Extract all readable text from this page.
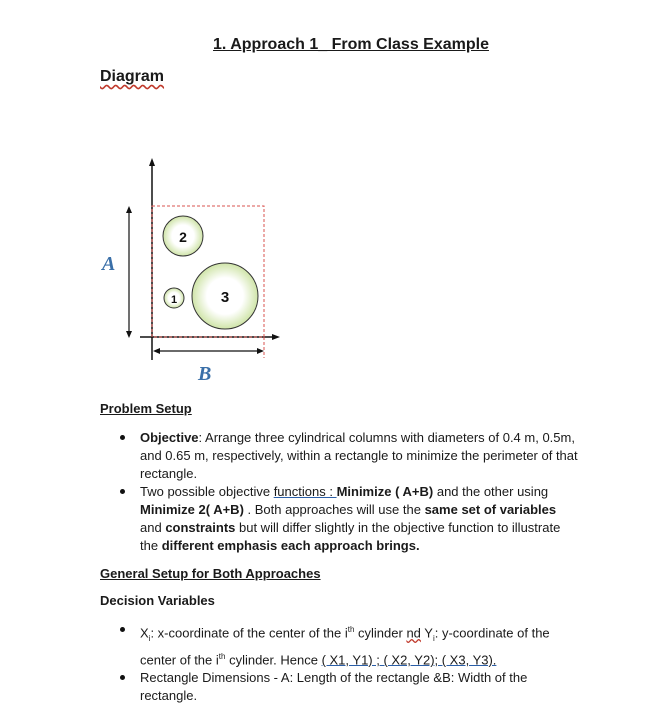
1. Approach 1_ From Class Example
Diagram
A
B
2
1	3
Problem Setup
Objective: Arrange three cylindrical columns with diameters of 0.4 m, 0.5m, and 0.65 m, respectively, within a rectangle to minimize the perimeter of that rectangle.
Two possible objective functions : Minimize ( A+B) and the other using Minimize 2( A+B) . Both approaches will use the same set of variables and constraints but will differ slightly in the objective function to illustrate the different emphasis each approach brings.
General Setup for Both Approaches
Decision Variables
$X_i$: x-coordinate of the center of the $i^{th}$ cylinder nd $Y_i$: y-coordinate of the center of the $i^{th}$ cylinder. Hence ( X1, Y1) ; ( X2, Y2); ( X3, Y3).
Rectangle Dimensions - A: Length of the rectangle &B: Width of the rectangle.
